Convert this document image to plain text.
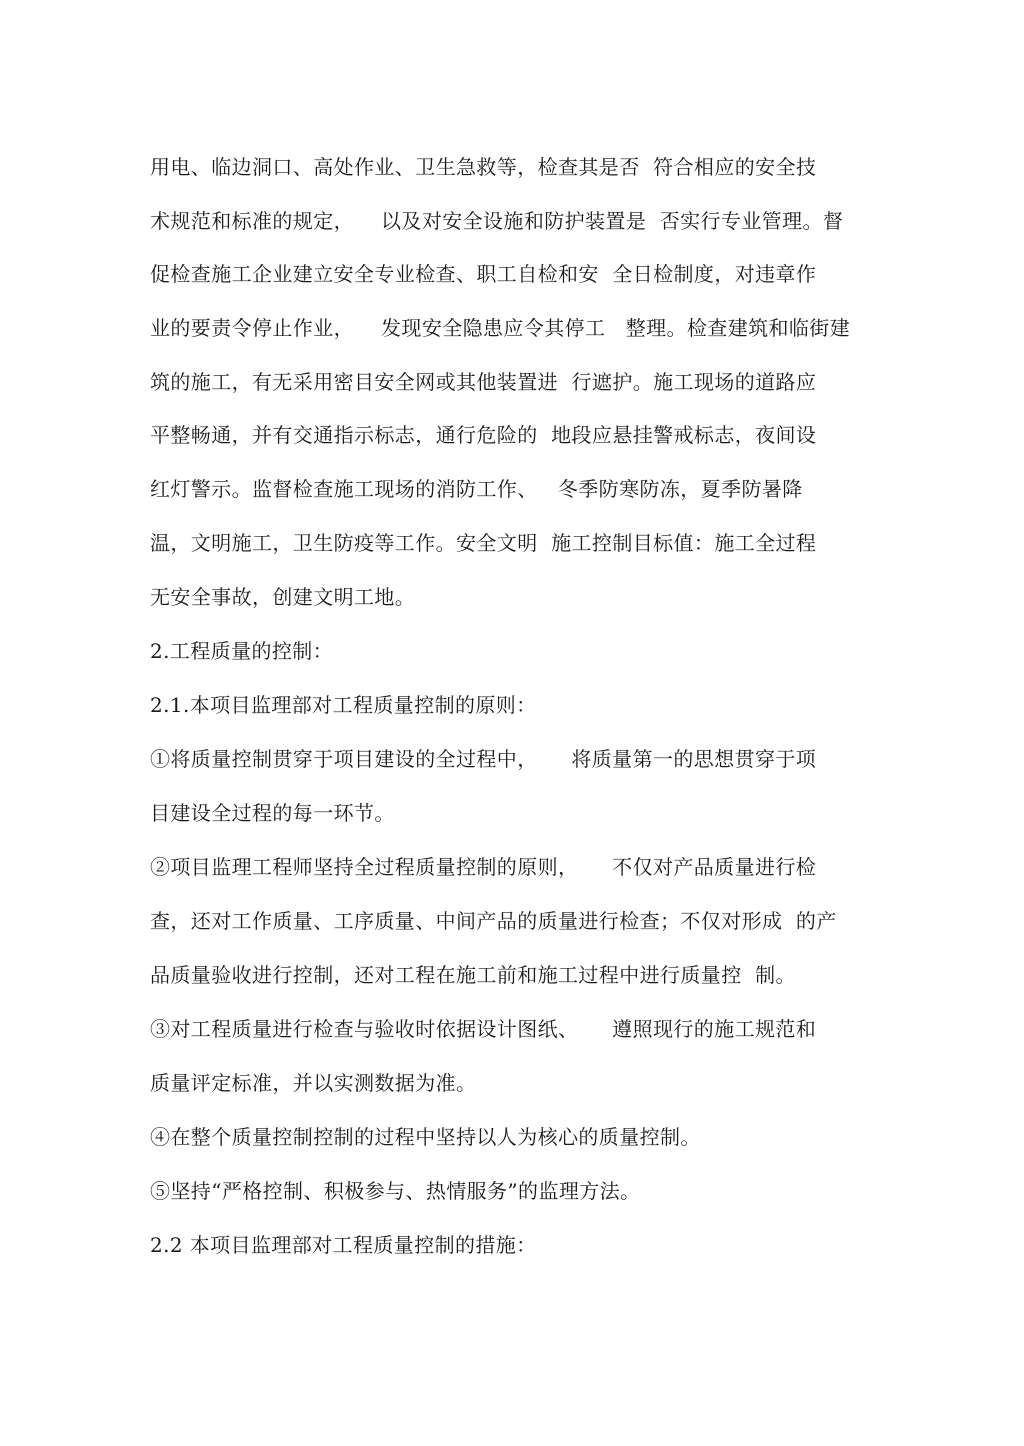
用电、临边洞口、高处作业、卫生急救等，检查其是否  符合相应的安全技
术规范和标准的规定，    以及对安全设施和防护装置是  否实行专业管理。督
促检查施工企业建立安全专业检查、职工自检和安  全日检制度，对违章作
业的要责令停止作业，    发现安全隐患应令其停工   整理。检查建筑和临街建
筑的施工，有无采用密目安全网或其他装置进  行遮护。施工现场的道路应
平整畅通，并有交通指示标志，通行危险的  地段应悬挂警戒标志，夜间设
红灯警示。监督检查施工现场的消防工作、   冬季防寒防冻，夏季防暑降
温，文明施工，卫生防疫等工作。安全文明  施工控制目标值：施工全过程
无安全事故，创建文明工地。
2.工程质量的控制：
2.1.本项目监理部对工程质量控制的原则：
①将质量控制贯穿于项目建设的全过程中，     将质量第一的思想贯穿于项
目建设全过程的每一环节。
②项目监理工程师坚持全过程质量控制的原则，     不仅对产品质量进行检
查，还对工作质量、工序质量、中间产品的质量进行检查；不仅对形成  的产
品质量验收进行控制，还对工程在施工前和施工过程中进行质量控  制。
③对工程质量进行检查与验收时依据设计图纸、     遵照现行的施工规范和
质量评定标准，并以实测数据为准。
④在整个质量控制控制的过程中坚持以人为核心的质量控制。
⑤坚持“严格控制、积极参与、热情服务”的监理方法。
2.2 本项目监理部对工程质量控制的措施：
